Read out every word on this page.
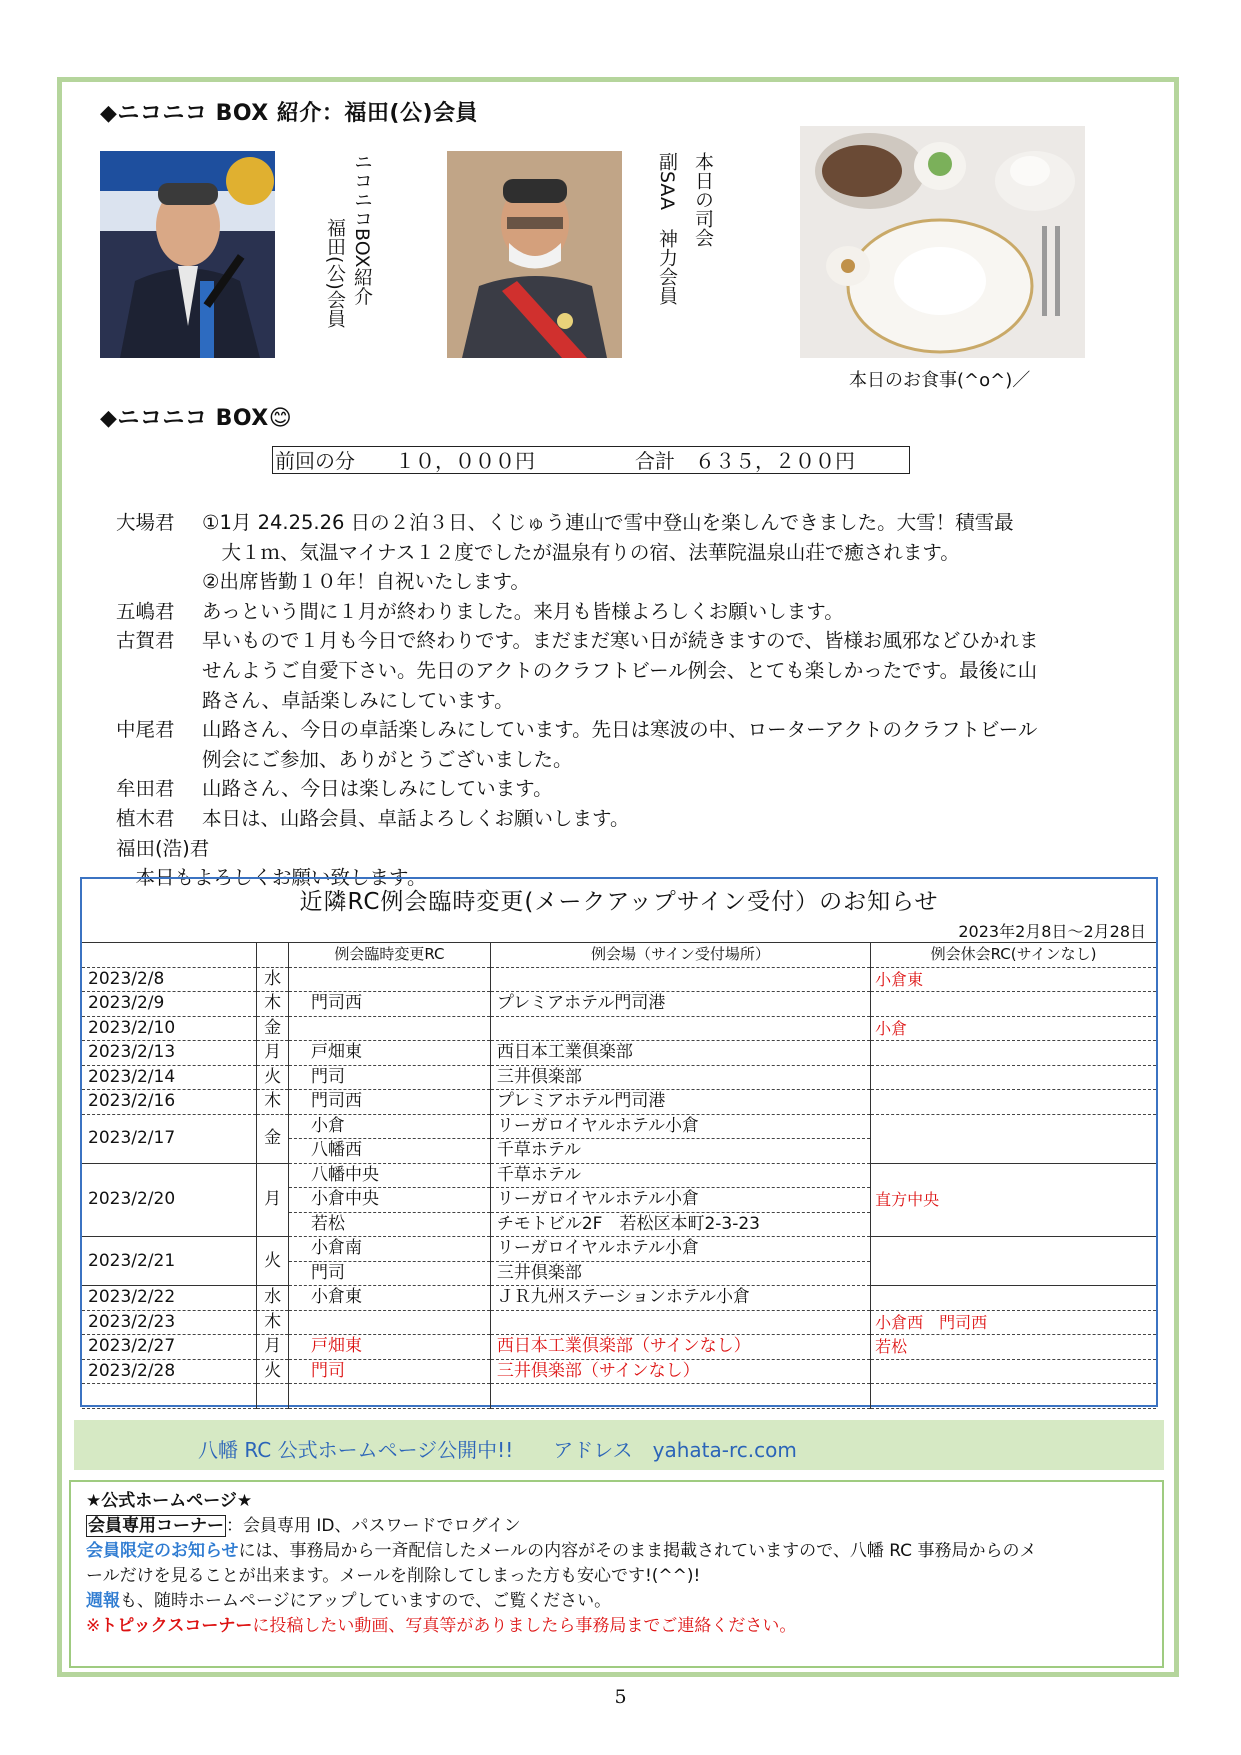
◆ニコニコ BOX 紹介：福田(公)会員
ニコニコBOX紹介
福田(公)会員
本日の司会
副SAA　神力会員
本日のお食事(^o^)／
◆ニコニコ BOX😊
前回の分　　１０，０００円　　　　　合計　６３５，２００円
大場君 ①1月 24.25.26 日の２泊３日、くじゅう連山で雪中登山を楽しんできました。大雪！積雪最
　大１ｍ、気温マイナス１２度でしたが温泉有りの宿、法華院温泉山荘で癒されます。
②出席皆勤１０年！自祝いたします。
五嶋君 あっという間に１月が終わりました。来月も皆様よろしくお願いします。
古賀君 早いもので１月も今日で終わりです。まだまだ寒い日が続きますので、皆様お風邪などひかれま
せんようご自愛下さい。先日のアクトのクラフトビール例会、とても楽しかったです。最後に山
路さん、卓話楽しみにしています。
中尾君 山路さん、今日の卓話楽しみにしています。先日は寒波の中、ローターアクトのクラフトビール
例会にご参加、ありがとうございました。
牟田君 山路さん、今日は楽しみにしています。
植木君 本日は、山路会員、卓話よろしくお願いします。
福田(浩)君　本日もよろしくお願い致します。
近隣RC例会臨時変更(メークアップサイン受付）のお知らせ
2023年2月8日～2月28日
		例会臨時変更RC	例会場（サイン受付場所）	例会休会RC(サインなし)
2023/2/8	水			小倉東
2023/2/9	木	門司西	プレミアホテル門司港	
2023/2/10	金			小倉
2023/2/13	月	戸畑東	西日本工業倶楽部	
2023/2/14	火	門司	三井倶楽部	
2023/2/16	木	門司西	プレミアホテル門司港	
2023/2/17	金	小倉	リーガロイヤルホテル小倉	
		八幡西	千草ホテル	
2023/2/20	月	八幡中央	千草ホテル	直方中央
		小倉中央	リーガロイヤルホテル小倉	
		若松	チモトビル2F　若松区本町2-3-23	
2023/2/21	火	小倉南	リーガロイヤルホテル小倉	
		門司	三井倶楽部	
2023/2/22	水	小倉東	ＪＲ九州ステーションホテル小倉	
2023/2/23	木			小倉西　門司西
2023/2/27	月	戸畑東	西日本工業倶楽部（サインなし）	若松
2023/2/28	火	門司	三井倶楽部（サインなし）	

八幡 RC 公式ホームページ公開中!!　　アドレス　yahata-rc.com
★公式ホームページ★
会員専用コーナー ：会員専用 ID、パスワードでログイン
会員限定のお知らせには、事務局から一斉配信したメールの内容がそのまま掲載されていますので、八幡 RC 事務局からのメ
ールだけを見ることが出来ます。メールを削除してしまった方も安心です!(^^)!
週報も、随時ホームページにアップしていますので、ご覧ください。
※トピックスコーナーに投稿したい動画、写真等がありましたら事務局までご連絡ください。
5
